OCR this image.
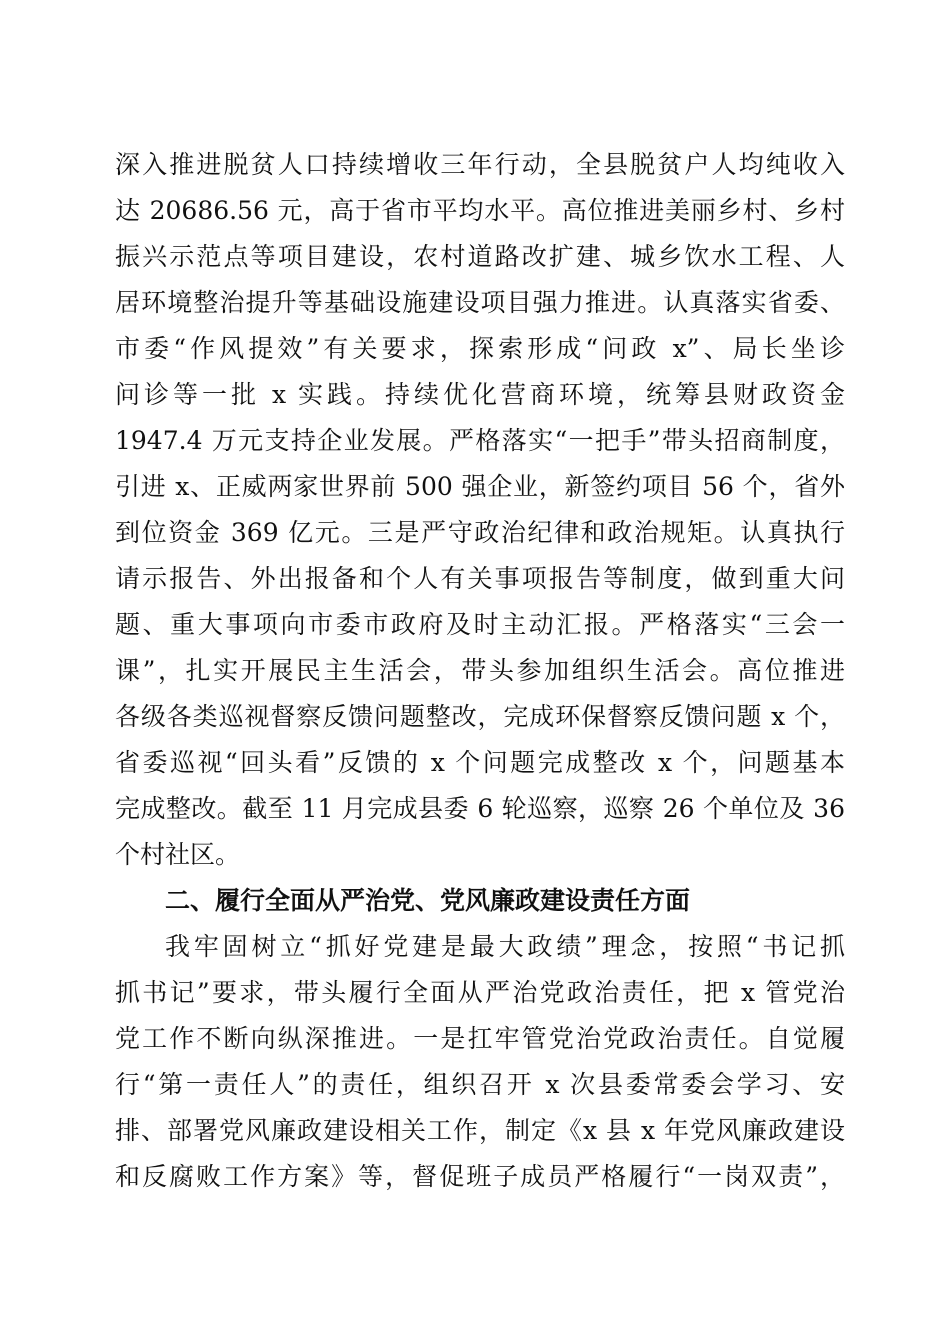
深入推进脱贫人口持续增收三年行动，全县脱贫户人均纯收入
达 20686.56 元，高于省市平均水平。高位推进美丽乡村、乡村
振兴示范点等项目建设，农村道路改扩建、城乡饮水工程、人
居环境整治提升等基础设施建设项目强力推进。认真落实省委、
市委“作风提效”有关要求，探索形成“问政 x”、局长坐诊
问诊等一批 x 实践。持续优化营商环境，统筹县财政资金
1947.4 万元支持企业发展。严格落实“一把手”带头招商制度，
引进 x、正威两家世界前 500 强企业，新签约项目 56 个，省外
到位资金 369 亿元。三是严守政治纪律和政治规矩。认真执行
请示报告、外出报备和个人有关事项报告等制度，做到重大问
题、重大事项向市委市政府及时主动汇报。严格落实“三会一
课”，扎实开展民主生活会，带头参加组织生活会。高位推进
各级各类巡视督察反馈问题整改，完成环保督察反馈问题 x 个，
省委巡视“回头看”反馈的 x 个问题完成整改 x 个，问题基本
完成整改。截至 11 月完成县委 6 轮巡察，巡察 26 个单位及 36
个村社区。
二、履行全面从严治党、党风廉政建设责任方面
我牢固树立“抓好党建是最大政绩”理念，按照“书记抓
抓书记”要求，带头履行全面从严治党政治责任，把 x 管党治
党工作不断向纵深推进。一是扛牢管党治党政治责任。自觉履
行“第一责任人”的责任，组织召开 x 次县委常委会学习、安
排、部署党风廉政建设相关工作，制定《x 县 x 年党风廉政建设
和反腐败工作方案》等，督促班子成员严格履行“一岗双责”，
